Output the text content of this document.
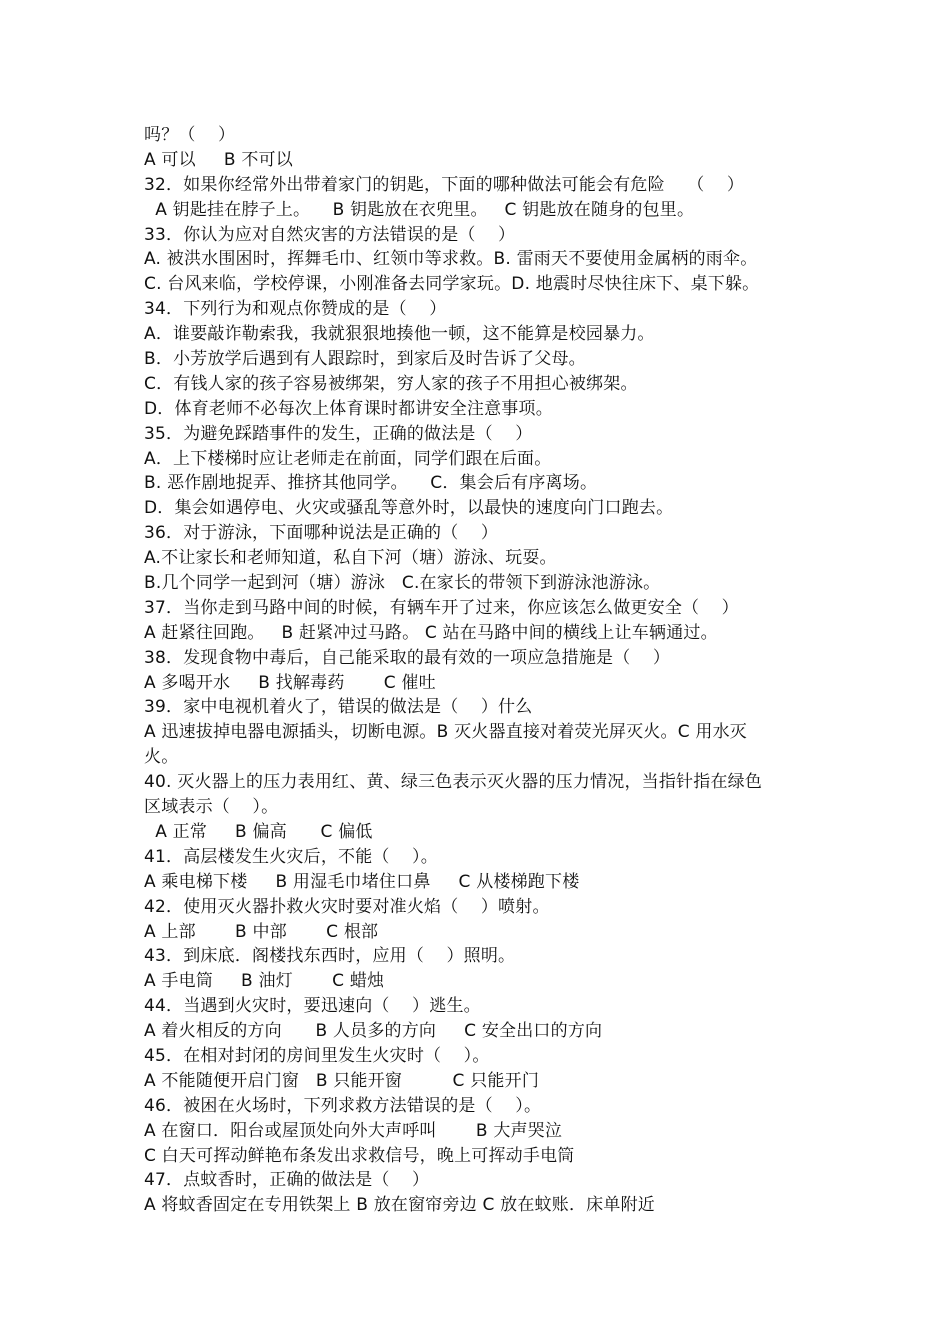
吗？（    ）
A 可以     B 不可以
32．如果你经常外出带着家门的钥匙，下面的哪种做法可能会有危险    （    ）
A 钥匙挂在脖子上。    B 钥匙放在衣兜里。   C 钥匙放在随身的包里。
33．你认为应对自然灾害的方法错误的是（    ）
A. 被洪水围困时，挥舞毛巾、红领巾等求救。B. 雷雨天不要使用金属柄的雨伞。
C. 台风来临，学校停课，小刚准备去同学家玩。D. 地震时尽快往床下、桌下躲。
34．下列行为和观点你赞成的是（    ）
A．谁要敲诈勒索我，我就狠狠地揍他一顿，这不能算是校园暴力。
B．小芳放学后遇到有人跟踪时，到家后及时告诉了父母。
C．有钱人家的孩子容易被绑架，穷人家的孩子不用担心被绑架。
D．体育老师不必每次上体育课时都讲安全注意事项。
35．为避免踩踏事件的发生，正确的做法是（    ）
A．上下楼梯时应让老师走在前面，同学们跟在后面。
B. 恶作剧地捉弄、推挤其他同学。    C．集会后有序离场。
D．集会如遇停电、火灾或骚乱等意外时，以最快的速度向门口跑去。
36．对于游泳，下面哪种说法是正确的（    ）
A.不让家长和老师知道，私自下河（塘）游泳、玩耍。
B.几个同学一起到河（塘）游泳   C.在家长的带领下到游泳池游泳。
37．当你走到马路中间的时候，有辆车开了过来，你应该怎么做更安全（    ）
A 赶紧往回跑。   B 赶紧冲过马路。 C 站在马路中间的横线上让车辆通过。
38．发现食物中毒后，自己能采取的最有效的一项应急措施是（    ）
A 多喝开水     B 找解毒药       C 催吐
39．家中电视机着火了，错误的做法是（    ）什么
A 迅速拔掉电器电源插头，切断电源。B 灭火器直接对着荧光屏灭火。C 用水灭
火。
40. 灭火器上的压力表用红、黄、绿三色表示灭火器的压力情况，当指针指在绿色
区域表示（    ）。
A 正常     B 偏高      C 偏低
41．高层楼发生火灾后，不能（    ）。
A 乘电梯下楼     B 用湿毛巾堵住口鼻     C 从楼梯跑下楼
42．使用灭火器扑救火灾时要对准火焰（    ）喷射。
A 上部       B 中部       C 根部
43．到床底．阁楼找东西时，应用（    ）照明。
A 手电筒     B 油灯       C 蜡烛
44．当遇到火灾时，要迅速向（    ）逃生。
A 着火相反的方向      B 人员多的方向     C 安全出口的方向
45．在相对封闭的房间里发生火灾时（    ）。
A 不能随便开启门窗   B 只能开窗         C 只能开门
46．被困在火场时，下列求救方法错误的是（    ）。
A 在窗口．阳台或屋顶处向外大声呼叫       B 大声哭泣
C 白天可挥动鲜艳布条发出求救信号，晚上可挥动手电筒
47．点蚊香时，正确的做法是（    ）
A 将蚊香固定在专用铁架上 B 放在窗帘旁边 C 放在蚊账．床单附近
